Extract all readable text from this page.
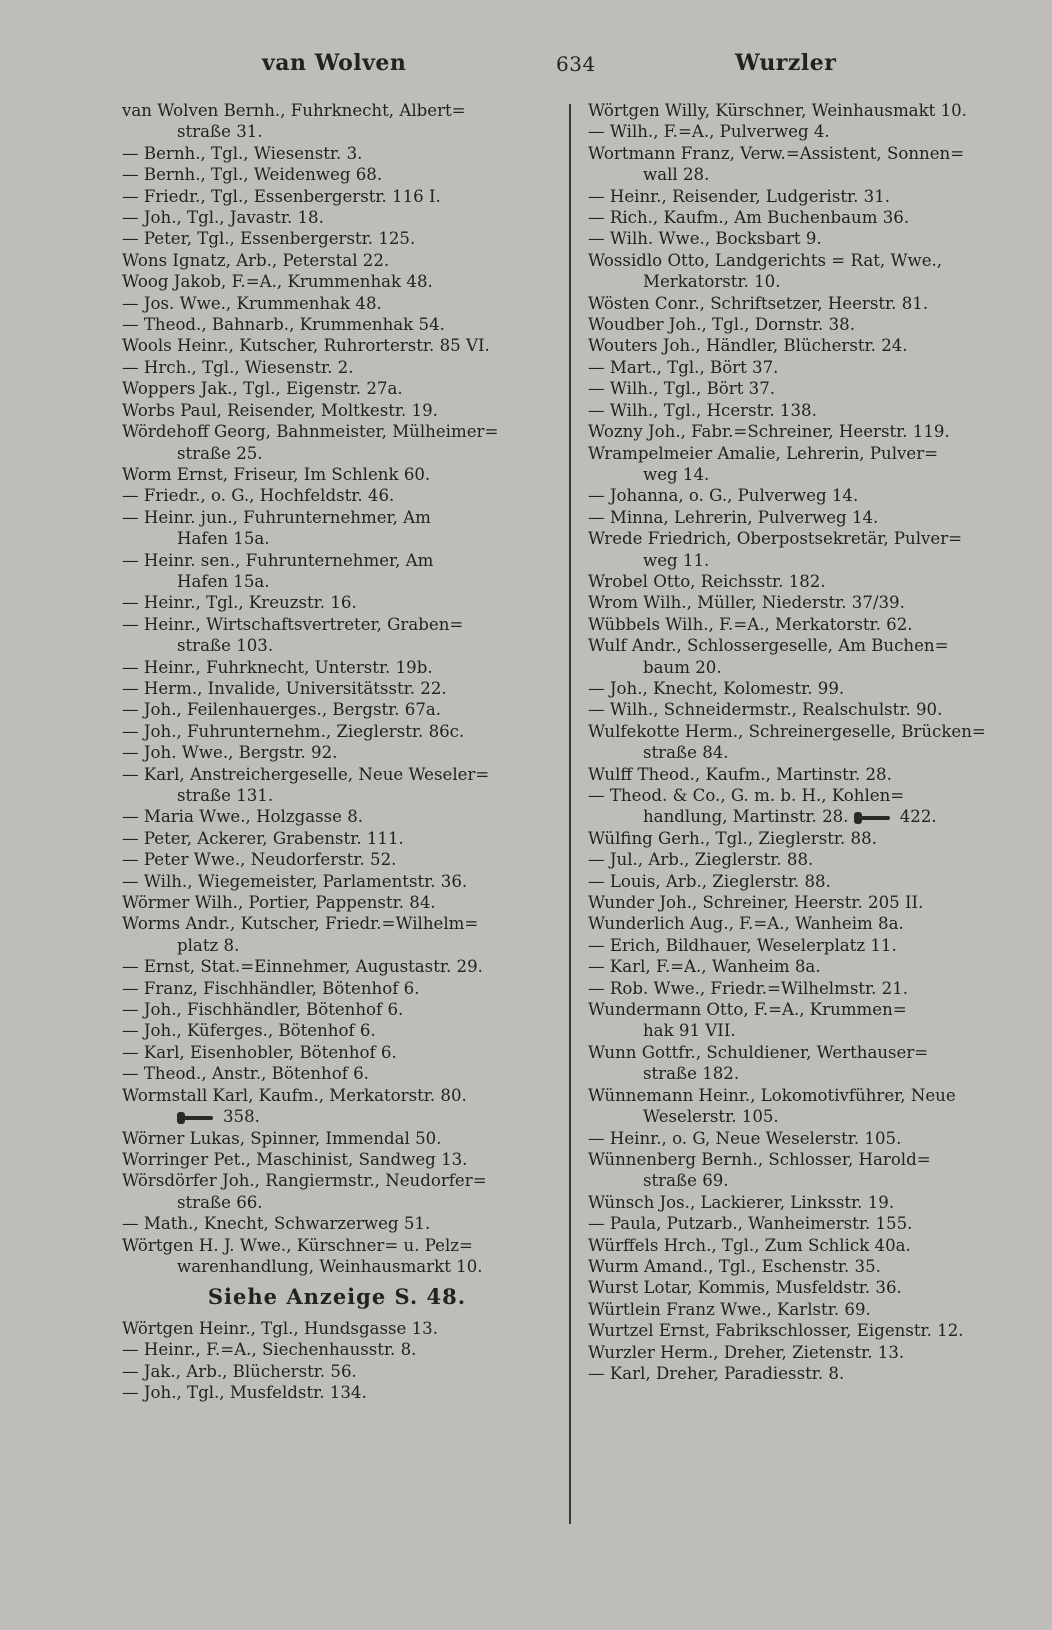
van Wolven	634	Wurzler
van Wolven Bernh., Fuhrknecht, Albert=
straße 31.
— Bernh., Tgl., Wiesenstr. 3.
— Bernh., Tgl., Weidenweg 68.
— Friedr., Tgl., Essenbergerstr. 116 I.
— Joh., Tgl., Javastr. 18.
— Peter, Tgl., Essenbergerstr. 125.
Wons Ignatz, Arb., Peterstal 22.
Woog Jakob, F.=A., Krummenhak 48.
— Jos. Wwe., Krummenhak 48.
— Theod., Bahnarb., Krummenhak 54.
Wools Heinr., Kutscher, Ruhrorterstr. 85 VI.
— Hrch., Tgl., Wiesenstr. 2.
Woppers Jak., Tgl., Eigenstr. 27a.
Worbs Paul, Reisender, Moltkestr. 19.
Wördehoff Georg, Bahnmeister, Mülheimer=
straße 25.
Worm Ernst, Friseur, Im Schlenk 60.
— Friedr., o. G., Hochfeldstr. 46.
— Heinr. jun., Fuhrunternehmer, Am
Hafen 15a.
— Heinr. sen., Fuhrunternehmer, Am
Hafen 15a.
— Heinr., Tgl., Kreuzstr. 16.
— Heinr., Wirtschaftsvertreter, Graben=
straße 103.
— Heinr., Fuhrknecht, Unterstr. 19b.
— Herm., Invalide, Universitätsstr. 22.
— Joh., Feilenhauerges., Bergstr. 67a.
— Joh., Fuhrunternehm., Zieglerstr. 86c.
— Joh. Wwe., Bergstr. 92.
— Karl, Anstreichergeselle, Neue Weseler=
straße 131.
— Maria Wwe., Holzgasse 8.
— Peter, Ackerer, Grabenstr. 111.
— Peter Wwe., Neudorferstr. 52.
— Wilh., Wiegemeister, Parlamentstr. 36.
Wörmer Wilh., Portier, Pappenstr. 84.
Worms Andr., Kutscher, Friedr.=Wilhelm=
platz 8.
— Ernst, Stat.=Einnehmer, Augustastr. 29.
— Franz, Fischhändler, Bötenhof 6.
— Joh., Fischhändler, Bötenhof 6.
— Joh., Küferges., Bötenhof 6.
— Karl, Eisenhobler, Bötenhof 6.
— Theod., Anstr., Bötenhof 6.
Wormstall Karl, Kaufm., Merkatorstr. 80.
358.
Wörner Lukas, Spinner, Immendal 50.
Worringer Pet., Maschinist, Sandweg 13.
Wörsdörfer Joh., Rangiermstr., Neudorfer=
straße 66.
— Math., Knecht, Schwarzerweg 51.
Wörtgen H. J. Wwe., Kürschner= u. Pelz=
warenhandlung, Weinhausmarkt 10.
Siehe Anzeige S. 48.
Wörtgen Heinr., Tgl., Hundsgasse 13.
— Heinr., F.=A., Siechenhausstr. 8.
— Jak., Arb., Blücherstr. 56.
— Joh., Tgl., Musfeldstr. 134.
Wörtgen Willy, Kürschner, Weinhausmakt 10.
— Wilh., F.=A., Pulverweg 4.
Wortmann Franz, Verw.=Assistent, Sonnen=
wall 28.
— Heinr., Reisender, Ludgeristr. 31.
— Rich., Kaufm., Am Buchenbaum 36.
— Wilh. Wwe., Bocksbart 9.
Wossidlo Otto, Landgerichts = Rat, Wwe.,
Merkatorstr. 10.
Wösten Conr., Schriftsetzer, Heerstr. 81.
Woudber Joh., Tgl., Dornstr. 38.
Wouters Joh., Händler, Blücherstr. 24.
— Mart., Tgl., Bört 37.
— Wilh., Tgl., Bört 37.
— Wilh., Tgl., Hcerstr. 138.
Wozny Joh., Fabr.=Schreiner, Heerstr. 119.
Wrampelmeier Amalie, Lehrerin, Pulver=
weg 14.
— Johanna, o. G., Pulverweg 14.
— Minna, Lehrerin, Pulverweg 14.
Wrede Friedrich, Oberpostsekretär, Pulver=
weg 11.
Wrobel Otto, Reichsstr. 182.
Wrom Wilh., Müller, Niederstr. 37/39.
Wübbels Wilh., F.=A., Merkatorstr. 62.
Wulf Andr., Schlossergeselle, Am Buchen=
baum 20.
— Joh., Knecht, Kolomestr. 99.
— Wilh., Schneidermstr., Realschulstr. 90.
Wulfekotte Herm., Schreinergeselle, Brücken=
straße 84.
Wulff Theod., Kaufm., Martinstr. 28.
— Theod. & Co., G. m. b. H., Kohlen=
handlung, Martinstr. 28.	422.
Wülfing Gerh., Tgl., Zieglerstr. 88.
— Jul., Arb., Zieglerstr. 88.
— Louis, Arb., Zieglerstr. 88.
Wunder Joh., Schreiner, Heerstr. 205 II.
Wunderlich Aug., F.=A., Wanheim 8a.
— Erich, Bildhauer, Weselerplatz 11.
— Karl, F.=A., Wanheim 8a.
— Rob. Wwe., Friedr.=Wilhelmstr. 21.
Wundermann Otto, F.=A., Krummen=
hak 91 VII.
Wunn Gottfr., Schuldiener, Werthauser=
straße 182.
Wünnemann Heinr., Lokomotivführer, Neue
Weselerstr. 105.
— Heinr., o. G, Neue Weselerstr. 105.
Wünnenberg Bernh., Schlosser, Harold=
straße 69.
Wünsch Jos., Lackierer, Linksstr. 19.
— Paula, Putzarb., Wanheimerstr. 155.
Würffels Hrch., Tgl., Zum Schlick 40a.
Wurm Amand., Tgl., Eschenstr. 35.
Wurst Lotar, Kommis, Musfeldstr. 36.
Würtlein Franz Wwe., Karlstr. 69.
Wurtzel Ernst, Fabrikschlosser, Eigenstr. 12.
Wurzler Herm., Dreher, Zietenstr. 13.
— Karl, Dreher, Paradiesstr. 8.
